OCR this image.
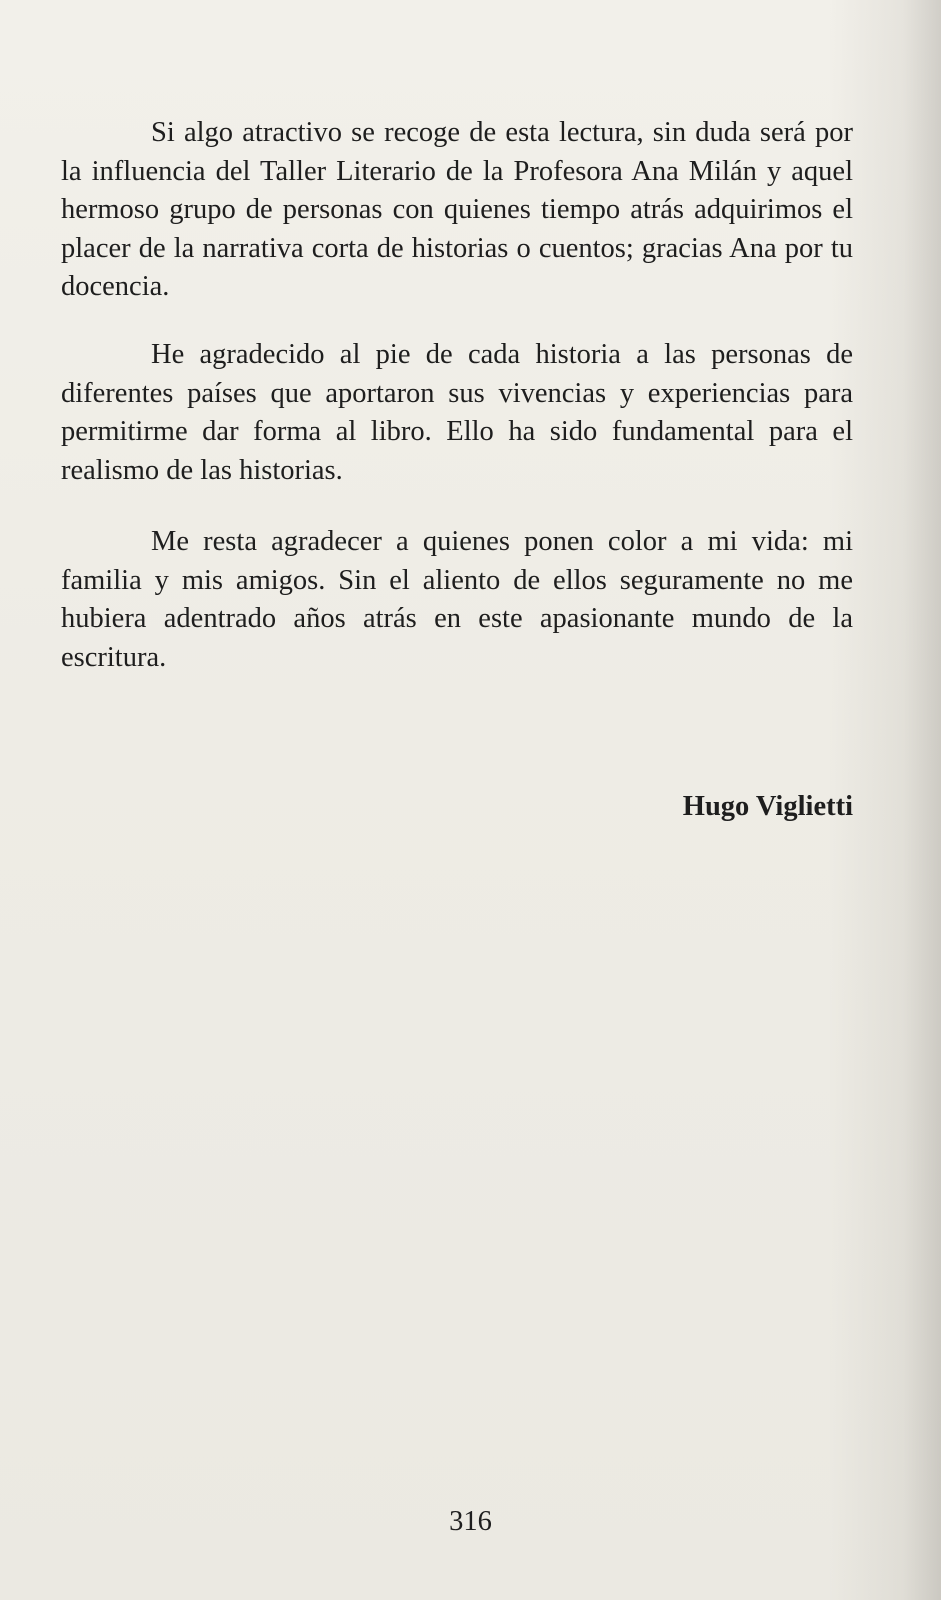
Si algo atractivo se recoge de esta lectura, sin duda será por la influencia del Taller Literario de la Profesora Ana Milán y aquel hermoso grupo de personas con quienes tiempo atrás adquirimos el placer de la narrativa corta de historias o cuentos; gracias Ana por tu docencia.

He agradecido al pie de cada historia a las personas de diferentes países que aportaron sus vivencias y experiencias para permitirme dar forma al libro. Ello ha sido fundamental para el realismo de las historias.

Me resta agradecer a quienes ponen color a mi vida: mi familia y mis amigos. Sin el aliento de ellos seguramente no me hubiera adentrado años atrás en este apasionante mundo de la escritura.

Hugo Viglietti

316
